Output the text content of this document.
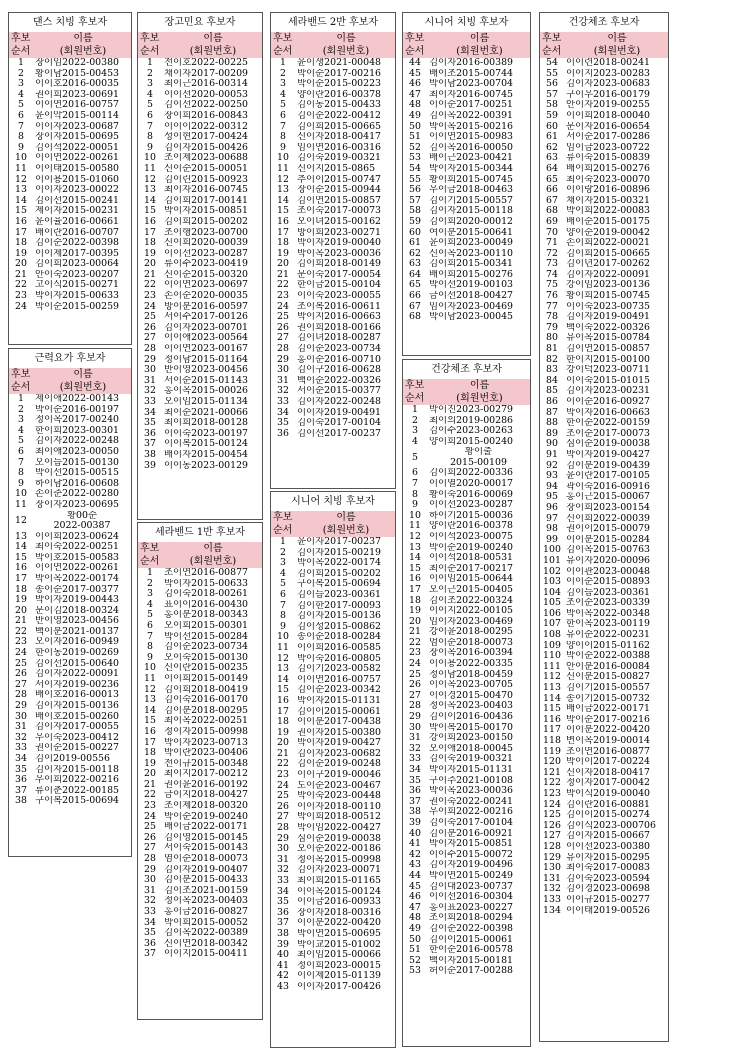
댄스 치빙 후보자
후보	이름
순서	(회원번호)
1	장이임2022-00380
2	황이남2015-00453
3	이이호2016-00035
4	권이희2023-00691
5	이이연2016-00757
6	윤이악2015-00114
7	이이자2023-00687
8	장이자2015-00695
9	김이석2022-00051
10 이이연2022-00261
11 이이태2015-00580
12 이이용2015-01060
13 이이자2023-00022
14 김이선2015-00241
15 제이자2015-00231
16 윤이율2016-00661
17 배이란2016-00707
18 김이순2022-00398
19 이이제2017-00395
20 김이희2023-00064
21 안이숙2023-00207
22 고이식2015-00271
23 박이자2015-00633
24 박이순2015-00259
근력요가 후보자
후보	이름
순서	(회원번호)
1	제이애2022-00143
2	박이순2016-00197
3	정이옥2017-00240
4	한이희2023-00301
5	김이자2022-00248
6	최이애2023-00050
7	오이늠2015-00130
8	박이선2015-00515
9	하이남2016-00608
10 손이준2022-00280
11 장이자2023-00695
12	황00순
2022-00387
13 이이희2023-00624
14 최이숙2022-00251
15 박이호2015-00583
16 이이연2022-00261
17 박이옥2022-00174
18 송이순2017-00377
19 박이자2019-00443
20 문이김2018-00324
21 반이영2023-00456
22 백이분2021-00137
23 오이자2016-00949
24 한이동2019-00269
25 김이선2015-00640
26 김이자2022-00091
27 서이자2019-00236
28 배이호2016-00013
29 김이자2015-00136
30 배이호2015-00260
31 김이자2017-00055
32 우이숙2023-00412
33 권이순2015-00227
34 김이2019-00556
35 김이자2015-00118
36 우이희2022-00216
37 류이춘2022-00185
38 구이복2015-00694
장고민요 후보자
후보	이름
순서	(회원번호)
1	전이호2022-00225
2	채이자2017-00209
3	최이근2016-00314
4	이이선2020-00053
5	김이선2022-00250
6	장이희2016-00843
7	이이이2022-00312
8	성이현2017-00424
9	김이자2015-00426
10 조이제2023-00688
11 신이순2015-00051
12 김이린2015-00923
13 최이자2016-00745
14 김이희2017-00141
15 박이자2015-00851
16 김이희2015-00202
17 조이행2023-00700
18 신이희2020-00039
19 이이선2023-00287
20 류이수2023-00419
21 신이순2015-00320
22 이이연2023-00697
23 손이순2020-00035
24 방이분2016-00597
25 서이수2017-00126
26 김이자2023-00701
27 이이애2023-00564
28 이이연2023-00167
29 정이남2015-01164
30 반이영2023-00456
31 서이순2015-01143
32 홍이옥2015-00026
33 오이임2015-01134
34 최이순2021-00066
35 최이희2018-00128
36 이이숙2023-00197
37 이이복2015-00124
38 배이자2015-00454
39 이이동2023-00129
세라밴드 1반 후보자
후보	이름
순서	(회원번호)
1	조이연2016-00877
2	박이자2015-00633
3	김이숙2018-00261
4	표이이2016-00430
5	홍이분2018-00343
6	오이희2015-00301
7	박이선2015-00284
8	김이순2023-00734
9	오이숙2015-00130
10 신이란2015-00235
11 이이희2015-00149
12 김이희2018-00419
13 김이숙2016-00170
14 김이분2018-00295
15 최이옥2022-00251
16 정이자2015-00998
17 박이자2023-00713
18 박이란2023-00406
19 전이규2015-00348
20 최이지2017-00212
21 권이윤2016-00192
22 금이지2018-00427
23 조이제2018-00320
24 박이순2019-00240
25 배이금2022-00171
26 김이영2015-00145
27 서이숙2015-00143
28 염이순2018-00073
29 김이자2019-00407
30 김이분2015-00433
31 김이조2021-00159
32 정이옥2023-00403
33 홍이금2016-00827
34 박이희2015-00052
35 김이옥2022-00389
36 신이연2018-00342
37 이이지2015-00411
세라밴드 2반 후보자
후보	이름
순서	(회원번호)
1	윤이생2021-00048
2	박이순2017-00216
3	박이순2015-00223
4	양이란2016-00378
5	김이동2015-00433
6	김이순2022-00412
7	김이희2015-00665
8	신이자2018-00417
9	임이연2016-00316
10 김이숙2019-00321
11 신이지2015-0865
12 추이이2015-00747
13 장이순2015-00944
14 김이연2015-00857
15 조이숙2017-00073
16 오이녀2015-00162
17 방이희2023-00271
18 박이자2019-00040
19 박이옥2023-00036
20 김이희2018-00149
21 문이숙2017-00054
22 한이금2015-00104
23 이이숙2023-00055
24 조이복2016-00611
25 박이지2016-00663
26 권이희2018-00166
27 김이녀2018-00287
28 김이순2023-00734
29 홍이순2016-00710
30 김이구2016-00628
31 백이순2022-00326
32 서이순2015-00377
33 김이자2022-00248
34 이이자2019-00491
35 김이숙2017-00104
36 김이선2017-00237
시니어 치빙 후보자
후보	이름
순서	(회원번호)
1	윤이자2017-00237
2	김이자2015-00219
3	박이옥2022-00174
4	김이희2015-00202
5	구이복2015-00694
6	김이늠2023-00361
7	김이한2017-00093
8	김이자2015-00136
9	김이성2015-00862
10 송이순2018-00284
11 이이희2016-00585
12 박이숙2016-00805
13 김이기2023-00582
14 이이연2016-00757
15 김이순2023-00342
16 박이자2015-01131
17 김이이2015-00061
18 이이분2017-00438
19 권이자2015-00380
20 박이자2019-00427
21 김이자2023-00682
22 김이순2019-00248
23 이이구2019-00046
24 도이순2023-00467
25 박이숙2023-00448
26 이이자2018-00110
27 박이희2018-00512
28 박이임2022-00427
29 심이순2019-00038
30 오이순2022-00186
31 정이옥2015-00998
32 김이자2023-00071
33 최이희2015-01165
34 이이옥2015-00124
35 이이금2016-00933
36 장이자2018-00316
37 이이분2022-00420
38 박이연2015-00695
39 박이교2015-01002
40 최이임2015-00066
41 정이희2023-00015
42 이이제2015-01139
43 이이자2017-00426
시니어 치빙 후보자
후보	이름
순서	(회원번호)
44 김이자2016-00389
45 배이조2015-00744
46 박이남2023-00704
47 최이자2016-00745
48 이이순2017-00251
49 김이옥2022-00391
50 박이옥2015-00216
51 이이연2015-00983
52 김이옥2016-00050
53 배이근2023-00421
54 박이자2015-00344
55 황이희2015-00745
56 우이금2018-00463
57 김이기2015-00557
58 김이자2015-00118
59 김이희2020-00012
60 여이분2015-00641
61 윤이희2023-00049
62 신이옥2023-00110
63 김이희2015-00341
64 배이희2015-00276
65 박이선2019-00103
66 금이선2018-00427
67 임이자2023-00469
68 박이남2023-00045
건강체조 후보자
후보	이름
순서	(회원번호)
1	박이진2023-00279
2	최이의2019-00286
3	김이수2023-00263
4	양이희2015-00240
5	황이출
2015-00109
6	김이희2022-00336
7	이이열2020-00017
8	황이숙2016-00069
9	이이선2023-00287
10 하이기2015-00036
11 양이란2016-00378
12 이이석2023-00075
13 박이순2019-00240
14 이이석2018-00531
15 최이순2017-00217
16 이이임2015-00644
17 오이근2015-00405
18 김이조2022-00324
19 이이지2022-00105
20 임이자2023-00469
21 강이윤2018-00295
22 엄이순2018-00073
23 장이옥2016-00394
24 이이용2022-00335
25 정이남2018-00459
26 이이옥2023-00705
27 이이경2015-00470
28 정이옥2023-00403
29 김이이2016-00436
30 박이복2015-00170
31 강이희2023-00150
32 오이애2018-00045
33 김이숙2019-00321
34 박이자2015-01131
35 구이주2021-00108
36 박이옥2023-00036
37 권이숙2022-00241
38 우이희2022-00216
39 김이숙2017-00104
40 김이분2016-00921
41 박이자2015-00851
42 이이수2015-00072
43 김이자2019-00496
44 박이연2015-00249
45 김이대2023-00737
46 이이선2016-00304
47 홍이표2023-00227
48 조이희2018-00294
49 김이순2022-00398
50 김이이2015-00061
51 한이순2016-00578
52 백이자2015-00181
53 허이순2017-00288
건강체조 후보자
후보	이름
순서	(회원번호)
54 이이련2018-00241
55 이이지2023-00283
56 김이자2023-00683
57 구이우2016-00179
58 안이자2019-00255
59 이이희2018-00040
60 문이자2016-00654
61 서이순2017-00286
62 임이금2023-00722
63 류이숙2015-00839
64 배이희2015-00276
65 최이숙2023-00070
66 이이랑2016-00896
67 채이자2015-00321
68 박이희2022-00083
69 배이순2015-00175
70 양이순2019-00042
71 손이희2022-00021
72 김이희2015-00665
73 김이년2017-00262
74 김이자2022-00091
75 강이임2023-00136
76 황이희2015-00745
77 이이숙2023-00735
78 김이자2019-00491
79 백이숙2022-00326
80 유이옥2015-00784
81 김이연2015-00857
82 한이지2015-00100
83 강이덕2023-00711
84 이이숙2015-01015
85 김이자2023-00231
86 이이순2016-00927
87 박이자2016-00663
88 한이순2022-00159
89 조이순2017-00073
90 심이순2019-00038
91 박이자2019-00427
92 김이분2019-00439
93 윤이란2017-00105
94 곽이숙2016-00916
95 홍이근2015-00067
96 장이희2023-00154
97 신이희2022-00039
98 권이이2015-00079
99 이이분2015-00284
100 김이옥2015-00763
101 유이자2020-00096
102 이이관2023-00048
103 이이순2015-00893
104 김이늠2023-00361
105 조이순2023-00339
106 박이옥2022-00348
107 한이옥2023-00119
108 유이순2022-00231
109 양이이2015-01162
110 박이순2022-00388
111 안이분2016-00084
112 신이분2015-00827
113 김이기2015-00557
114 송이기2015-00732
115 배이금2022-00171
116 박이순2017-00216
117 이이분2022-00420
118 변이옥2019-00014
119 조이연2016-00877
120 박이이2017-00224
121 신이자2018-00417
122 정이자2017-00042
123 박이식2019-00040
124 김이란2016-00881
125 김이이2015-00274
126 김이식2023-000706
127 김이자2015-00667
128 이이선2023-00380
129 유이자2015-00295
130 최이숙2017-00083
131 김이숙2023-00594
132 김이경2023-00698
133 이이규2015-00277
134 이이태2019-00526
